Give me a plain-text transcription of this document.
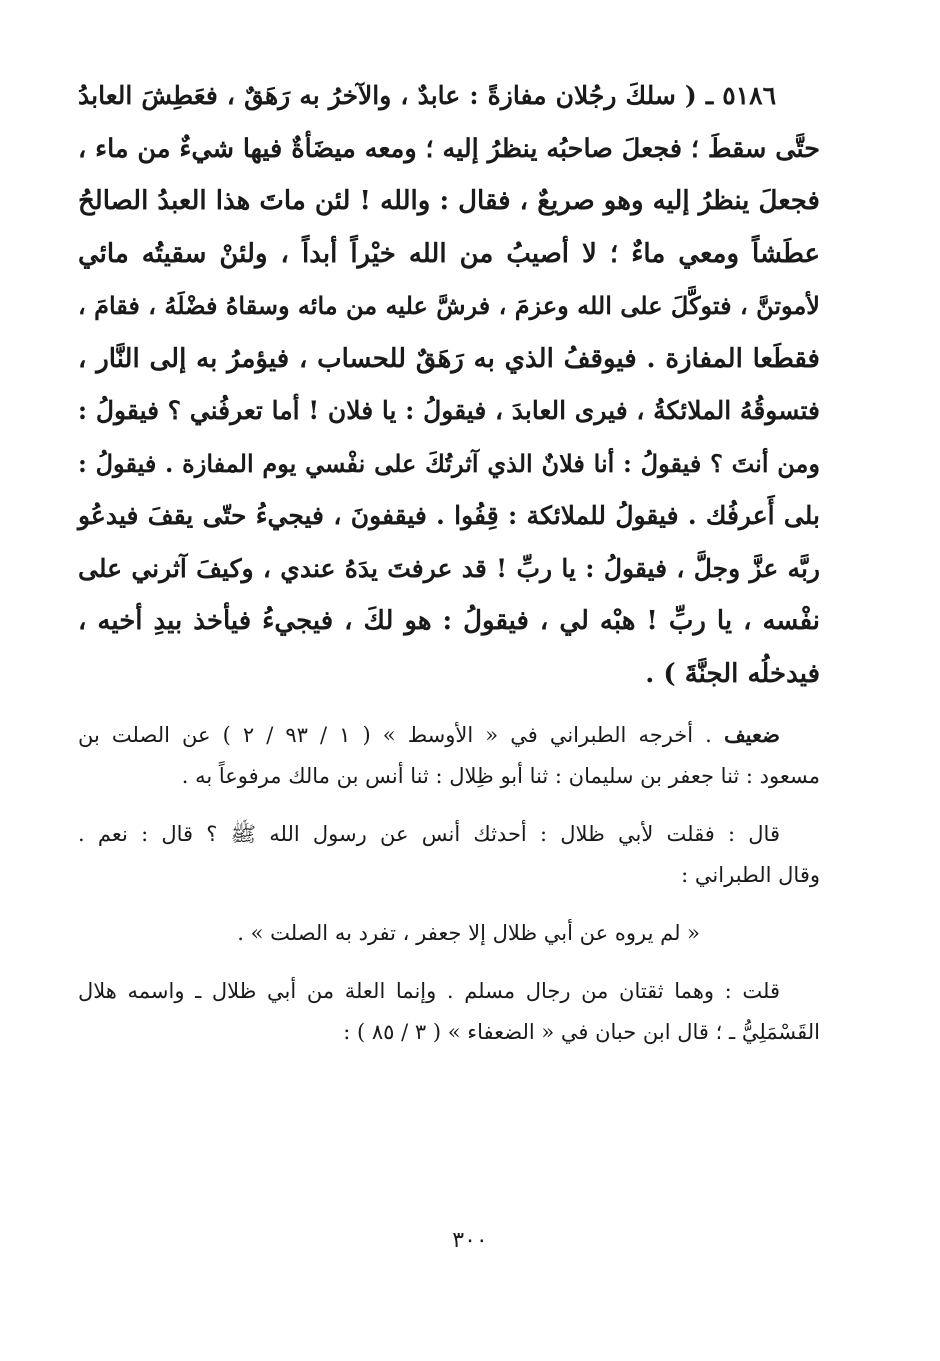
٥١٨٦ ـ ( سلكَ رجُلان مفازةً : عابدٌ ، والآخرُ به رَهَقٌ ، فعَطِشَ العابدُ
حتَّى سقطَ ؛ فجعلَ صاحبُه ينظرُ إليه ؛ ومعه ميضَأةٌ فيها شيءٌ من ماء ،
فجعلَ ينظرُ إليه وهو صريعٌ ، فقال : والله ! لئن ماتَ هذا العبدُ الصالحُ
عطَشاً ومعي ماءٌ ؛ لا أصيبُ من الله خيْراً أبداً ، ولئنْ سقيتُه مائي
لأموتنَّ ، فتوكَّلَ على الله وعزمَ ، فرشَّ عليه من مائه وسقاهُ فضْلَهُ ، فقامَ ،
فقطَعا المفازة . فيوقفُ الذي به رَهَقٌ للحساب ، فيؤمرُ به إلى النَّار ،
فتسوقُهُ الملائكةُ ، فيرى العابدَ ، فيقولُ : يا فلان ! أما تعرفُني ؟ فيقولُ :
ومن أنتَ ؟ فيقولُ : أنا فلانٌ الذي آثرتُكَ على نفْسي يوم المفازة . فيقولُ :
بلى أَعرفُك . فيقولُ للملائكة : قِفُوا . فيقفونَ ، فيجيءُ حتّى يقفَ فيدعُو
ربَّه عزَّ وجلَّ ، فيقولُ : يا ربِّ ! قد عرفتَ يدَهُ عندي ، وكيفَ آثرني على
نفْسه ، يا ربِّ ! هبْه لي ، فيقولُ : هو لكَ ، فيجيءُ فيأخذ بيدِ أخيه ،
فيدخلُه الجنَّةَ ) .
ضعيف . أخرجه الطبراني في « الأوسط » ( ١ / ٩٣ / ٢ ) عن الصلت بن
مسعود : ثنا جعفر بن سليمان : ثنا أبو ظِلال : ثنا أنس بن مالك مرفوعاً به .
قال : فقلت لأبي ظلال : أحدثك أنس عن رسول الله ﷺ ؟ قال : نعم .
وقال الطبراني :
« لم يروه عن أبي ظلال إلا جعفر ، تفرد به الصلت » .
قلت : وهما ثقتان من رجال مسلم . وإنما العلة من أبي ظلال ـ واسمه هلال
القَسْمَلِيُّ ـ ؛ قال ابن حبان في « الضعفاء » ( ٣ / ٨٥ ) :
٣٠٠
